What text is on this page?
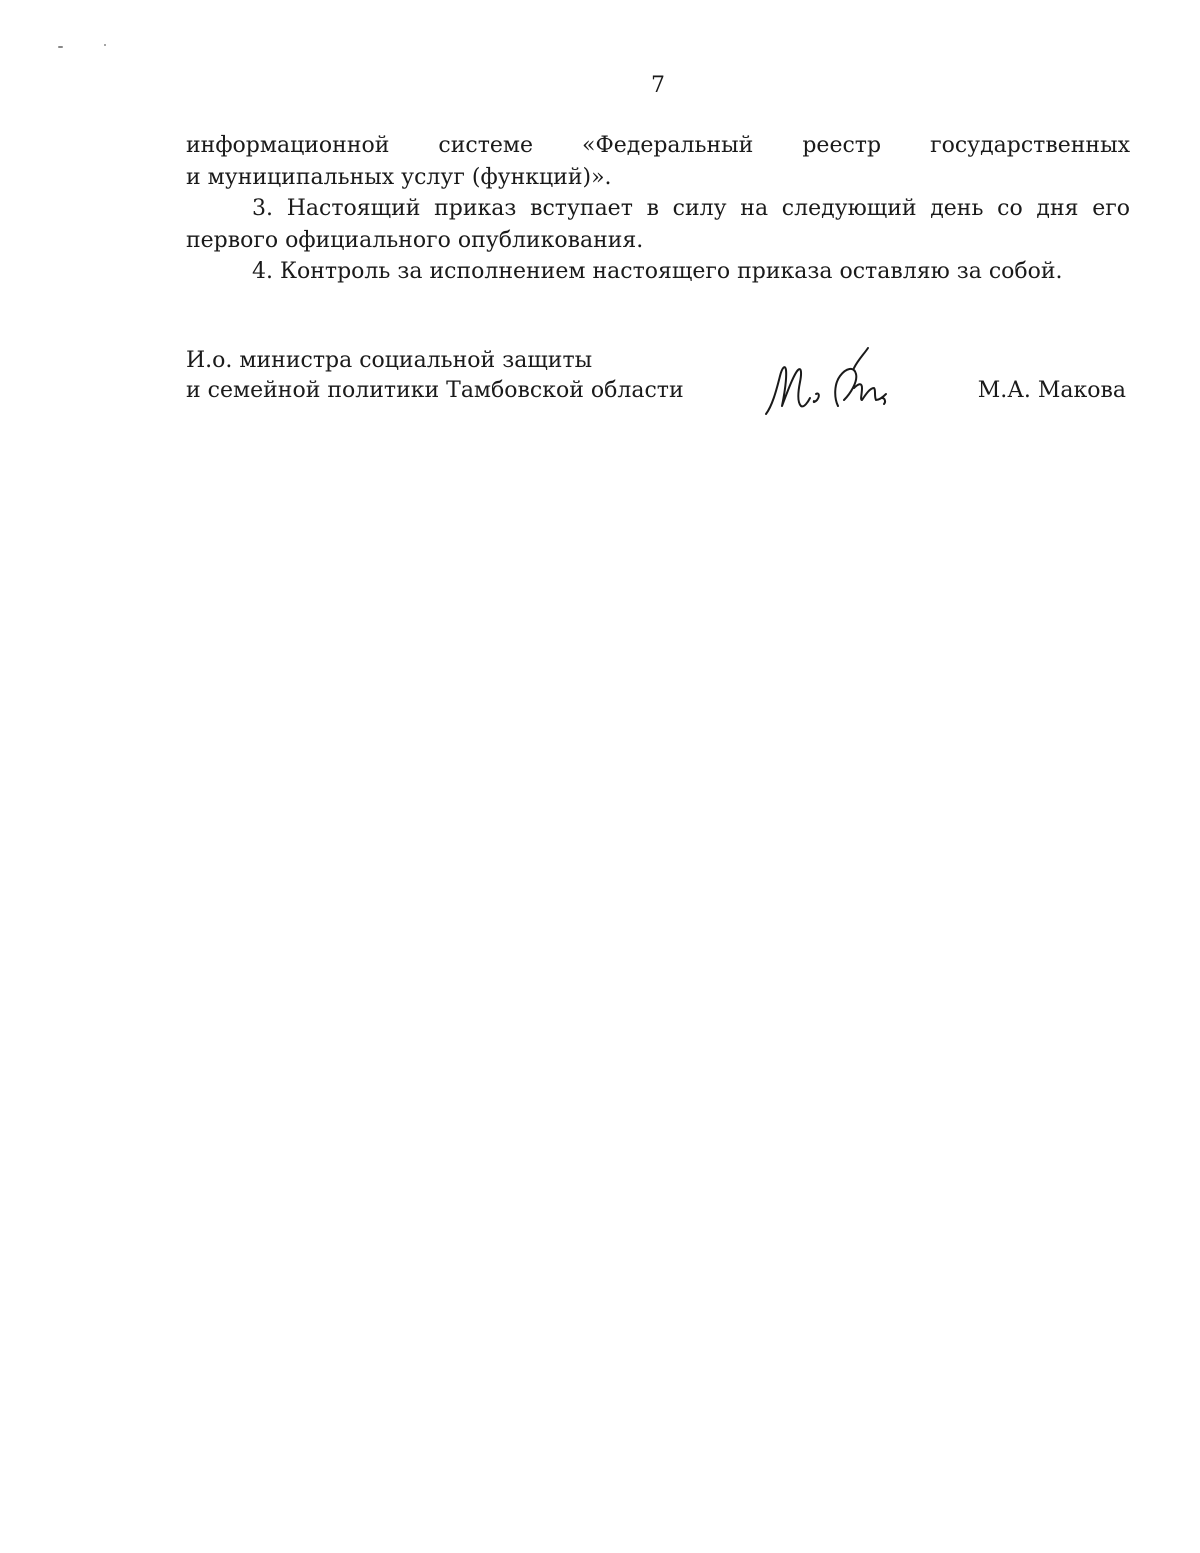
7

информационной системе «Федеральный реестр государственных

и муниципальных услуг (функций)».

3. Настоящий приказ вступает в силу на следующий день со дня его первого официального опубликования.

4. Контроль за исполнением настоящего приказа оставляю за собой.

И.о. министра социальной защиты
и семейной политики Тамбовской области	М.А. Макова
